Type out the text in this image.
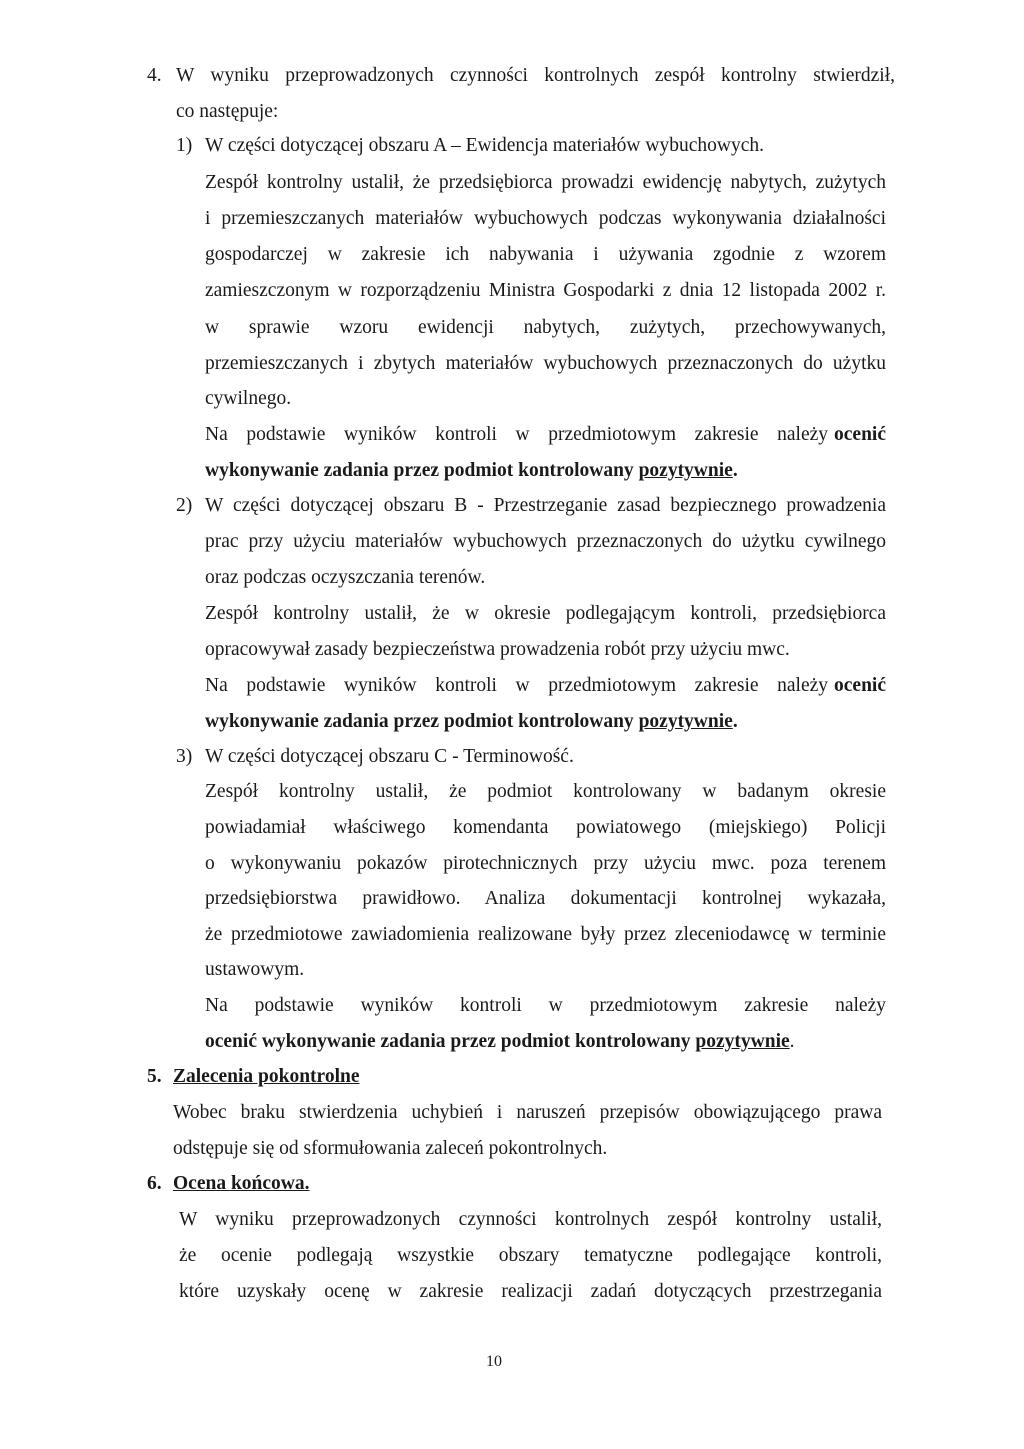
4. W wyniku przeprowadzonych czynności kontrolnych zespół kontrolny stwierdził,
co następuje:
1) W części dotyczącej obszaru A – Ewidencja materiałów wybuchowych.
Zespół kontrolny ustalił, że przedsiębiorca prowadzi ewidencję nabytych, zużytych
i przemieszczanych materiałów wybuchowych podczas wykonywania działalności
gospodarczej w zakresie ich nabywania i używania zgodnie z wzorem
zamieszczonym w rozporządzeniu Ministra Gospodarki z dnia 12 listopada 2002 r.
w sprawie wzoru ewidencji nabytych, zużytych, przechowywanych,
przemieszczanych i zbytych materiałów wybuchowych przeznaczonych do użytku
cywilnego.
Na podstawie wyników kontroli w przedmiotowym zakresie należy ocenić
wykonywanie zadania przez podmiot kontrolowany pozytywnie.
2) W części dotyczącej obszaru B - Przestrzeganie zasad bezpiecznego prowadzenia
prac przy użyciu materiałów wybuchowych przeznaczonych do użytku cywilnego
oraz podczas oczyszczania terenów.
Zespół kontrolny ustalił, że w okresie podlegającym kontroli, przedsiębiorca
opracowywał zasady bezpieczeństwa prowadzenia robót przy użyciu mwc.
Na podstawie wyników kontroli w przedmiotowym zakresie należy ocenić
wykonywanie zadania przez podmiot kontrolowany pozytywnie.
3) W części dotyczącej obszaru C - Terminowość.
Zespół kontrolny ustalił, że podmiot kontrolowany w badanym okresie
powiadamiał właściwego komendanta powiatowego (miejskiego) Policji
o wykonywaniu pokazów pirotechnicznych przy użyciu mwc. poza terenem
przedsiębiorstwa prawidłowo. Analiza dokumentacji kontrolnej wykazała,
że przedmiotowe zawiadomienia realizowane były przez zleceniodawcę w terminie
ustawowym.
Na podstawie wyników kontroli w przedmiotowym zakresie należy
ocenić wykonywanie zadania przez podmiot kontrolowany pozytywnie.
5. Zalecenia pokontrolne
Wobec braku stwierdzenia uchybień i naruszeń przepisów obowiązującego prawa
odstępuje się od sformułowania zaleceń pokontrolnych.
6. Ocena końcowa.
W wyniku przeprowadzonych czynności kontrolnych zespół kontrolny ustalił,
że ocenie podlegają wszystkie obszary tematyczne podlegające kontroli,
które uzyskały ocenę w zakresie realizacji zadań dotyczących przestrzegania
10
